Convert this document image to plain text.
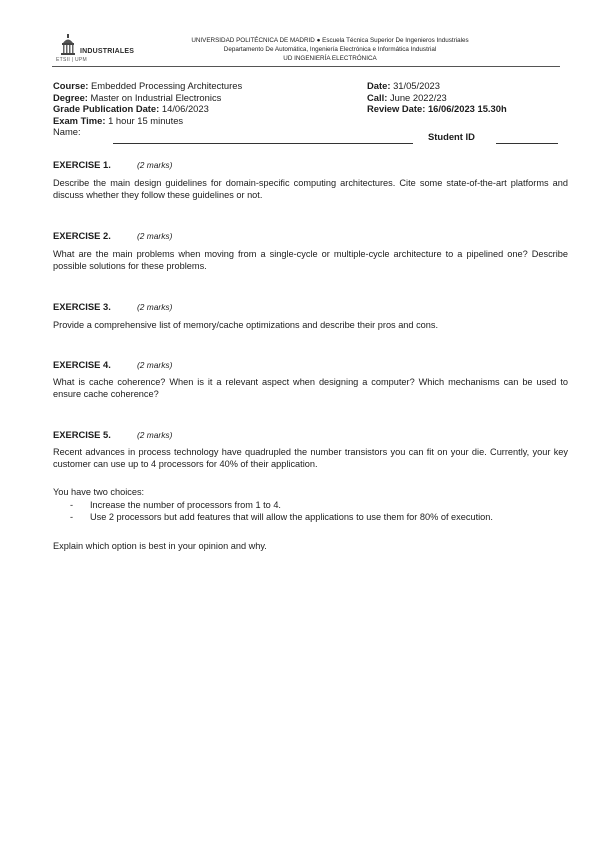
INDUSTRIALES
ETSII | UPM
UNIVERSIDAD POLITÉCNICA DE MADRID ● Escuela Técnica Superior De Ingenieros Industriales
Departamento De Automática, Ingeniería Electrónica e Informática Industrial
UD INGENIERÍA ELECTRÓNICA
Course: Embedded Processing Architectures
Degree: Master on Industrial Electronics
Grade Publication Date: 14/06/2023
Exam Time: 1 hour 15 minutes
Name:
Date: 31/05/2023
Call: June 2022/23
Review Date: 16/06/2023 15.30h
Student ID
EXERCISE 1.	(2 marks)
Describe the main design guidelines for domain-specific computing architectures. Cite some state-of-the-art platforms and discuss whether they follow these guidelines or not.
EXERCISE 2.	(2 marks)
What are the main problems when moving from a single-cycle or multiple-cycle architecture to a pipelined one? Describe possible solutions for these problems.
EXERCISE 3.	(2 marks)
Provide a comprehensive list of memory/cache optimizations and describe their pros and cons.
EXERCISE 4.	(2 marks)
What is cache coherence? When is it a relevant aspect when designing a computer? Which mechanisms can be used to ensure cache coherence?
EXERCISE 5.	(2 marks)
Recent advances in process technology have quadrupled the number transistors you can fit on your die. Currently, your key customer can use up to 4 processors for 40% of their application.
You have two choices:
- Increase the number of processors from 1 to 4.
- Use 2 processors but add features that will allow the applications to use them for 80% of execution.
Explain which option is best in your opinion and why.
